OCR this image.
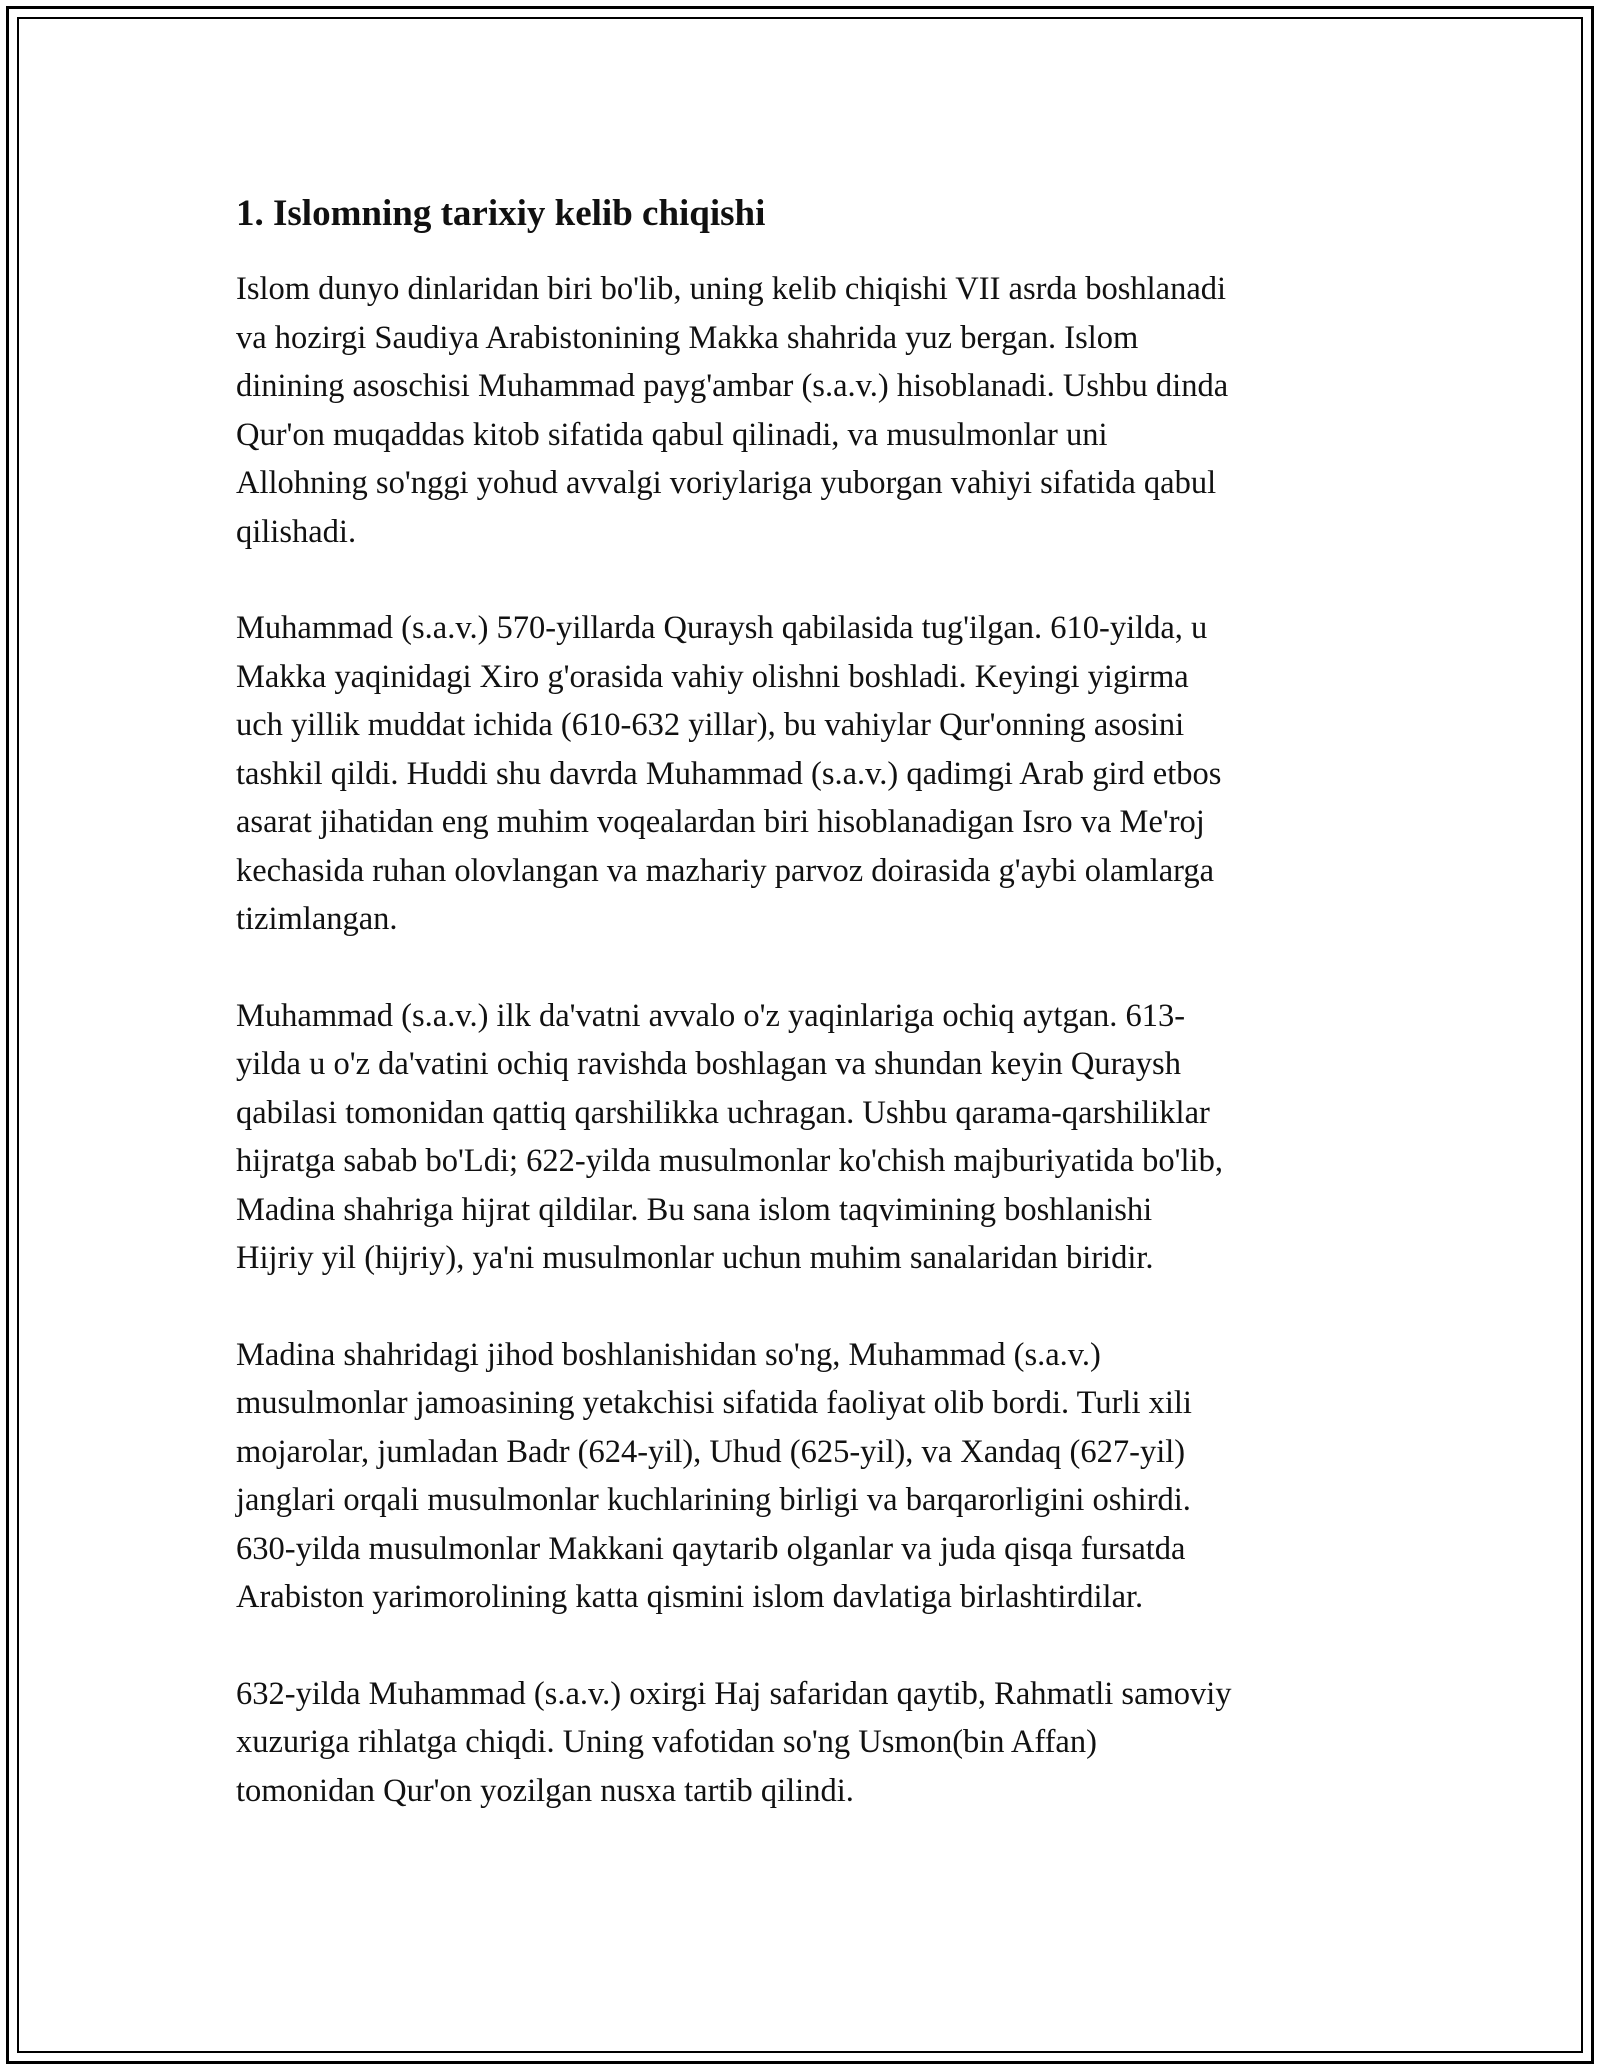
1. Islomning tarixiy kelib chiqishi
Islom dunyo dinlaridan biri bo'lib, uning kelib chiqishi VII asrda boshlanadi
va hozirgi Saudiya Arabistonining Makka shahrida yuz bergan. Islom
dinining asoschisi Muhammad payg'ambar (s.a.v.) hisoblanadi. Ushbu dinda
Qur'on muqaddas kitob sifatida qabul qilinadi, va musulmonlar uni
Allohning so'nggi yohud avvalgi voriylariga yuborgan vahiyi sifatida qabul
qilishadi.
Muhammad (s.a.v.) 570-yillarda Quraysh qabilasida tug'ilgan. 610-yilda, u
Makka yaqinidagi Xiro g'orasida vahiy olishni boshladi. Keyingi yigirma
uch yillik muddat ichida (610-632 yillar), bu vahiylar Qur'onning asosini
tashkil qildi. Huddi shu davrda Muhammad (s.a.v.) qadimgi Arab gird etbos
asarat jihatidan eng muhim voqealardan biri hisoblanadigan Isro va Me'roj
kechasida ruhan olovlangan va mazhariy parvoz doirasida g'aybi olamlarga
tizimlangan.
Muhammad (s.a.v.) ilk da'vatni avvalo o'z yaqinlariga ochiq aytgan. 613-
yilda u o'z da'vatini ochiq ravishda boshlagan va shundan keyin Quraysh
qabilasi tomonidan qattiq qarshilikka uchragan. Ushbu qarama-qarshiliklar
hijratga sabab bo'Ldi; 622-yilda musulmonlar ko'chish majburiyatida bo'lib,
Madina shahriga hijrat qildilar. Bu sana islom taqvimining boshlanishi
Hijriy yil (hijriy), ya'ni musulmonlar uchun muhim sanalaridan biridir.
Madina shahridagi jihod boshlanishidan so'ng, Muhammad (s.a.v.)
musulmonlar jamoasining yetakchisi sifatida faoliyat olib bordi. Turli xili
mojarolar, jumladan Badr (624-yil), Uhud (625-yil), va Xandaq (627-yil)
janglari orqali musulmonlar kuchlarining birligi va barqarorligini oshirdi.
630-yilda musulmonlar Makkani qaytarib olganlar va juda qisqa fursatda
Arabiston yarimorolining katta qismini islom davlatiga birlashtirdilar.
632-yilda Muhammad (s.a.v.) oxirgi Haj safaridan qaytib, Rahmatli samoviy
xuzuriga rihlatga chiqdi. Uning vafotidan so'ng Usmon(bin Affan)
tomonidan Qur'on yozilgan nusxa tartib qilindi.
